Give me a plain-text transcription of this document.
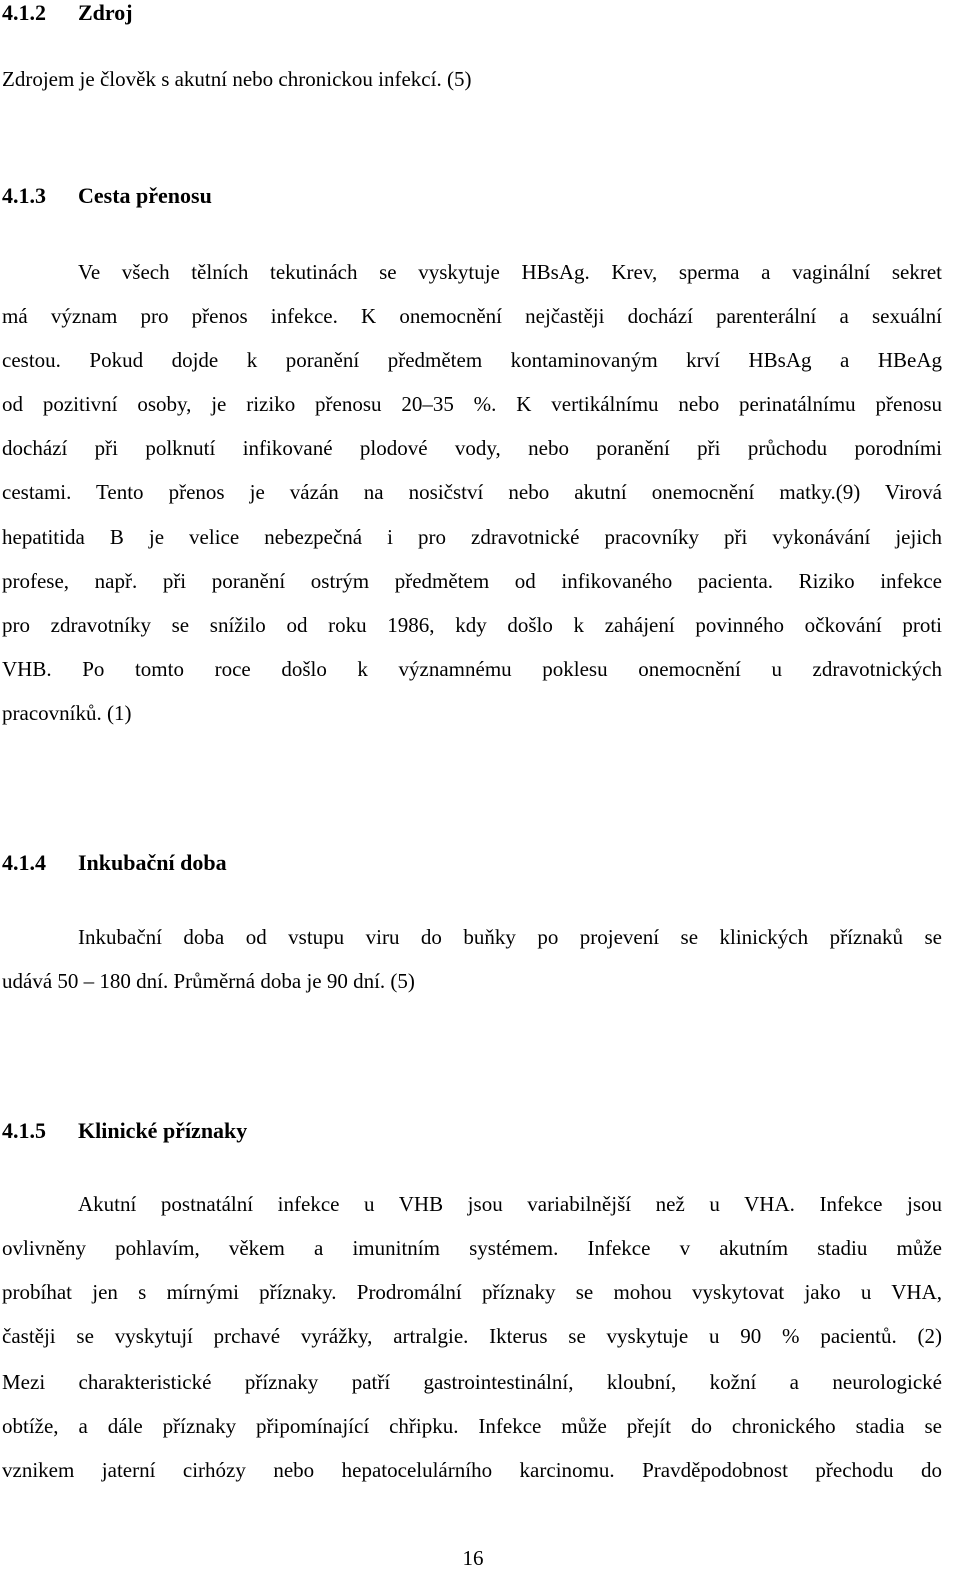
4.1.2 Zdroj
Zdrojem je člověk s akutní nebo chronickou infekcí. (5)
4.1.3 Cesta přenosu
Ve všech tělních tekutinách se vyskytuje HBsAg. Krev, sperma a vaginální sekret
má význam pro přenos infekce. K onemocnění nejčastěji dochází parenterální a sexuální
cestou. Pokud dojde k poranění předmětem kontaminovaným krví HBsAg a HBeAg
od pozitivní osoby, je riziko přenosu 20–35 %. K vertikálnímu nebo perinatálnímu přenosu
dochází při polknutí infikované plodové vody, nebo poranění při průchodu porodními
cestami. Tento přenos je vázán na nosičství nebo akutní onemocnění matky.(9) Virová
hepatitida B je velice nebezpečná i pro zdravotnické pracovníky při vykonávání jejich
profese, např. při poranění ostrým předmětem od infikovaného pacienta. Riziko infekce
pro zdravotníky se snížilo od roku 1986, kdy došlo k zahájení povinného očkování proti
VHB. Po tomto roce došlo k významnému poklesu onemocnění u zdravotnických
pracovníků. (1)
4.1.4 Inkubační doba
Inkubační doba od vstupu viru do buňky po projevení se klinických příznaků se
udává 50 – 180 dní. Průměrná doba je 90 dní. (5)
4.1.5 Klinické příznaky
Akutní postnatální infekce u VHB jsou variabilnější než u VHA. Infekce jsou
ovlivněny pohlavím, věkem a imunitním systémem. Infekce v akutním stadiu může
probíhat jen s mírnými příznaky. Prodromální příznaky se mohou vyskytovat jako u VHA,
častěji se vyskytují prchavé vyrážky, artralgie. Ikterus se vyskytuje u 90 % pacientů. (2)
Mezi charakteristické příznaky patří gastrointestinální, kloubní, kožní a neurologické
obtíže, a dále příznaky připomínající chřipku. Infekce může přejít do chronického stadia se
vznikem jaterní cirhózy nebo hepatocelulárního karcinomu. Pravděpodobnost přechodu do
16
